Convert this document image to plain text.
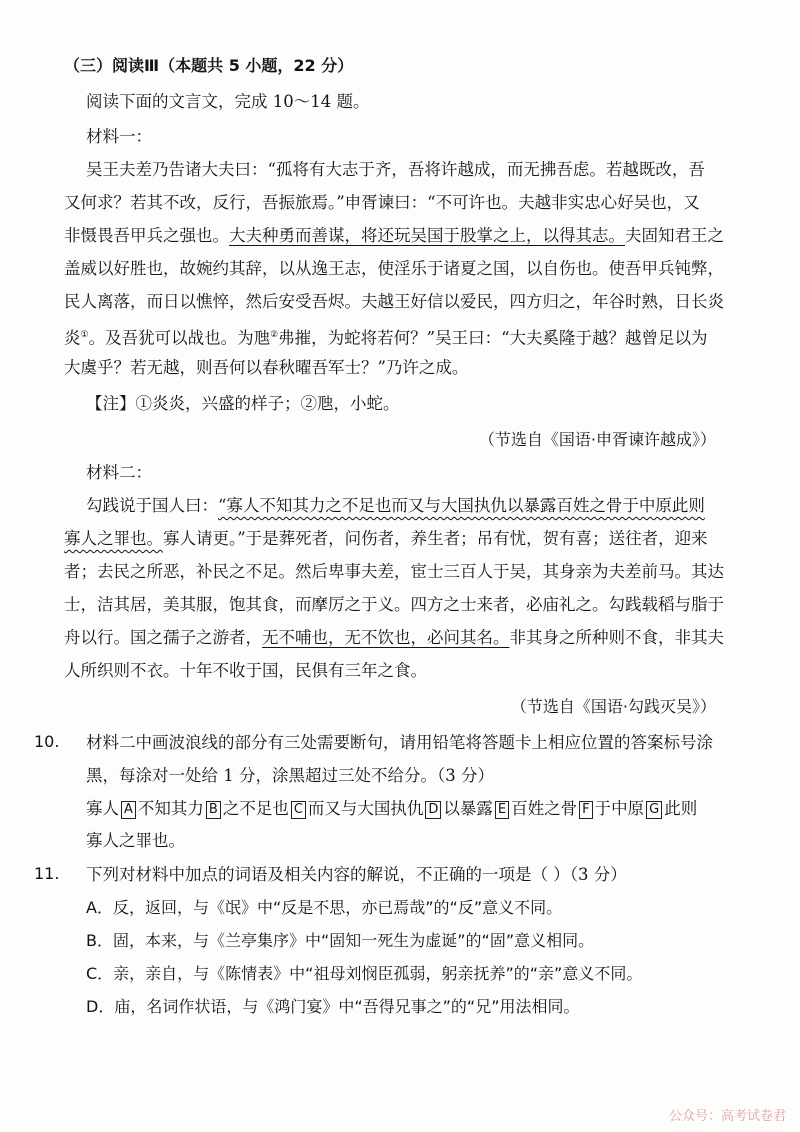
（三）阅读Ⅲ（本题共 5 小题，22 分）
阅读下面的文言文，完成 10～14 题。
材料一：
吴王夫差乃告诸大夫曰：“孤将有大志于齐，吾将许越成，而无拂吾虑。若越既改，吾
又何求？若其不改，反行，吾振旅焉。”申胥谏曰：“不可许也。夫越非实忠心好吴也，又
非慑畏吾甲兵之强也。大夫种勇而善谋，将还玩吴国于股掌之上，以得其志。夫固知君王之
盖威以好胜也，故婉约其辞，以从逸王志，使淫乐于诸夏之国，以自伤也。使吾甲兵钝弊，
民人离落，而日以憔悴，然后安受吾烬。夫越王好信以爱民，四方归之，年谷时熟，日长炎
炎①。及吾犹可以战也。为虺②弗摧，为蛇将若何？”吴王曰：“大夫奚隆于越？越曾足以为
大虞乎？若无越，则吾何以春秋曜吾军士？”乃许之成。
【注】①炎炎，兴盛的样子；②虺，小蛇。
（节选自《国语·申胥谏许越成》）
材料二：
勾践说于国人曰：“寡人不知其力之不足也而又与大国执仇以暴露百姓之骨于中原此则
寡人之罪也。寡人请更。”于是葬死者，问伤者，养生者；吊有忧，贺有喜；送往者，迎来
者；去民之所恶，补民之不足。然后卑事夫差，宦士三百人于吴，其身亲为夫差前马。其达
士，洁其居，美其服，饱其食，而摩厉之于义。四方之士来者，必庙礼之。勾践载稻与脂于
舟以行。国之孺子之游者，无不哺也，无不饮也，必问其名。非其身之所种则不食，非其夫
人所织则不衣。十年不收于国，民俱有三年之食。
（节选自《国语·勾践灭吴》）
10. 材料二中画波浪线的部分有三处需要断句，请用铅笔将答题卡上相应位置的答案标号涂
黑，每涂对一处给 1 分，涂黑超过三处不给分。（3 分）
寡人 A 不知其力 B 之不足也 C 而又与大国执仇 D 以暴露 E 百姓之骨 F 于中原 G 此则
寡人之罪也。
11. 下列对材料中加点的词语及相关内容的解说，不正确的一项是（ ）（3 分）
A．反，返回，与《氓》中“反是不思，亦已焉哉”的“反”意义不同。
B．固，本来，与《兰亭集序》中“固知一死生为虚诞”的“固”意义相同。
C．亲，亲自，与《陈情表》中“祖母刘悯臣孤弱，躬亲抚养”的“亲”意义不同。
D．庙，名词作状语，与《鸿门宴》中“吾得兄事之”的“兄”用法相同。
公众号：高考试卷君
